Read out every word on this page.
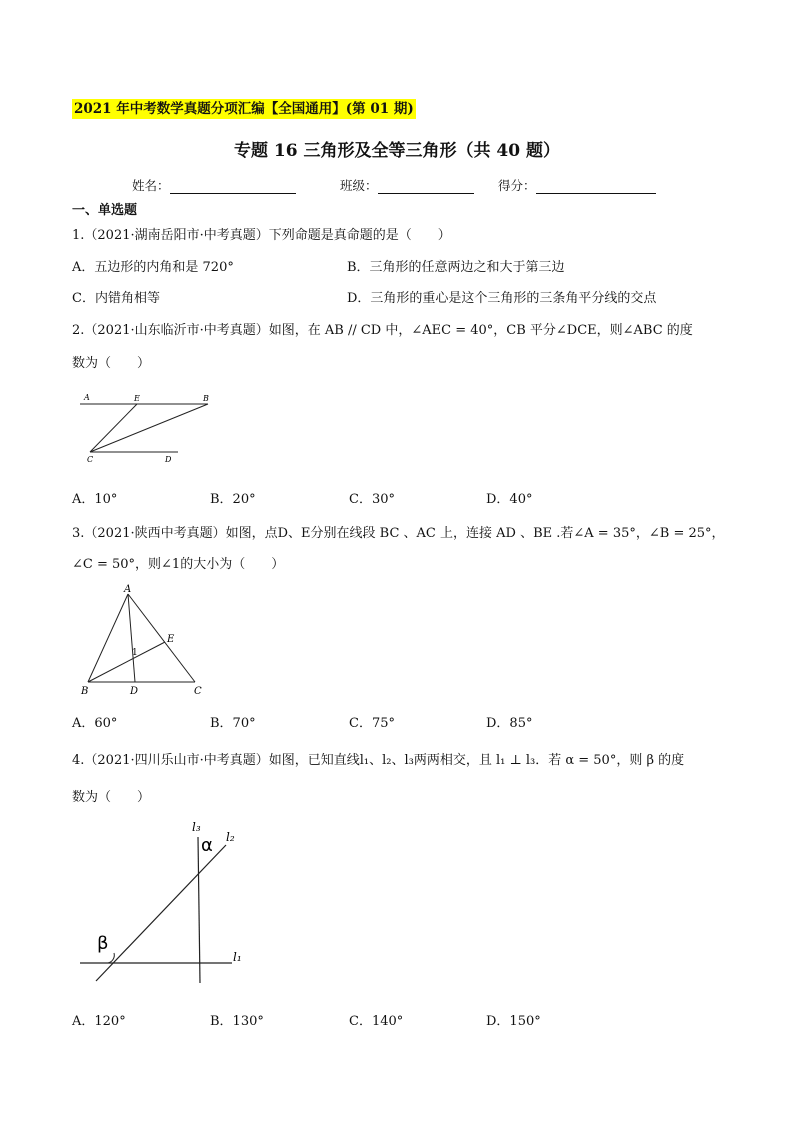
2021 年中考数学真题分项汇编【全国通用】(第 01 期)
专题 16 三角形及全等三角形（共 40 题）
姓名：	班级：	得分：
一、单选题
1.（2021·湖南岳阳市·中考真题）下列命题是真命题的是（　　）
A．五边形的内角和是 720°	B．三角形的任意两边之和大于第三边
C．内错角相等	D．三角形的重心是这个三角形的三条角平分线的交点
2.（2021·山东临沂市·中考真题）如图，在 AB // CD 中，∠AEC = 40°，CB 平分∠DCE，则∠ABC 的度
数为（　　）
A	E	B
C	D
A．10°	B．20°	C．30°	D．40°
3.（2021·陕西中考真题）如图，点D、E分别在线段 BC 、AC 上，连接 AD 、BE .若∠A = 35°，∠B = 25°，
∠C = 50°，则∠1的大小为（　　）
A
E
1
B	D	C
A．60°	B．70°	C．75°	D．85°
4.（2021·四川乐山市·中考真题）如图，已知直线l₁、l₂、l₃两两相交，且 l₁ ⊥ l₃．若 α = 50°，则 β 的度
数为（　　）
l₃
l₂
l₁
α
β
A．120°	B．130°	C．140°	D．150°
